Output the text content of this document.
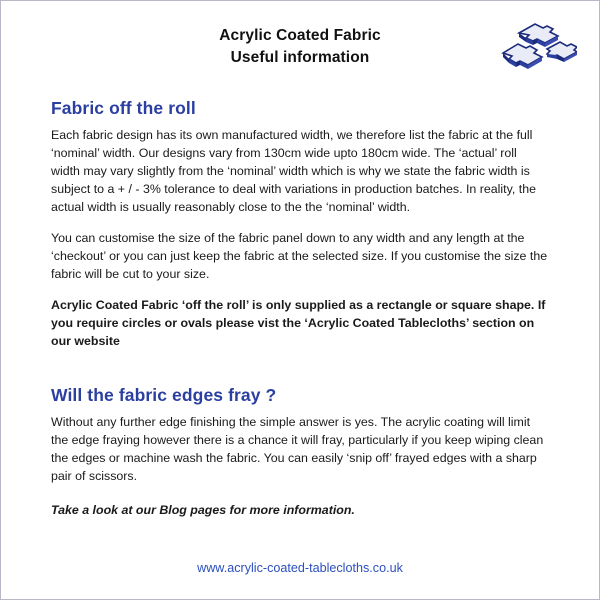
Acrylic Coated Fabric
Useful information
Fabric off the roll

Each fabric design has its own manufactured width, we therefore list the fabric at the full ‘nominal’ width. Our designs vary from 130cm wide upto 180cm wide. The ‘actual’ roll width may vary slightly from the ‘nominal’ width which is why we state the fabric width is subject to a + / - 3% tolerance to deal with variations in production batches. In reality, the actual width is usually reasonably close to the the ‘nominal’ width.

You can customise the size of the fabric panel down to any width and any length at the ‘checkout’ or you can just keep the fabric at the selected size. If you customise the size the fabric will be cut to your size.

Acrylic Coated Fabric ‘off the roll’ is only supplied as a rectangle or square shape. If you require circles or ovals please vist the ‘Acrylic Coated Tablecloths’ section on our website

Will the fabric edges fray ?

Without any further edge finishing the simple answer is yes. The acrylic coating will limit the edge fraying however there is a chance it will fray, particularly if you keep wiping clean the edges or machine wash the fabric. You can easily ‘snip off’ frayed edges with a sharp pair of scissors.

Take a look at our Blog pages for more information.

www.acrylic-coated-tablecloths.co.uk
